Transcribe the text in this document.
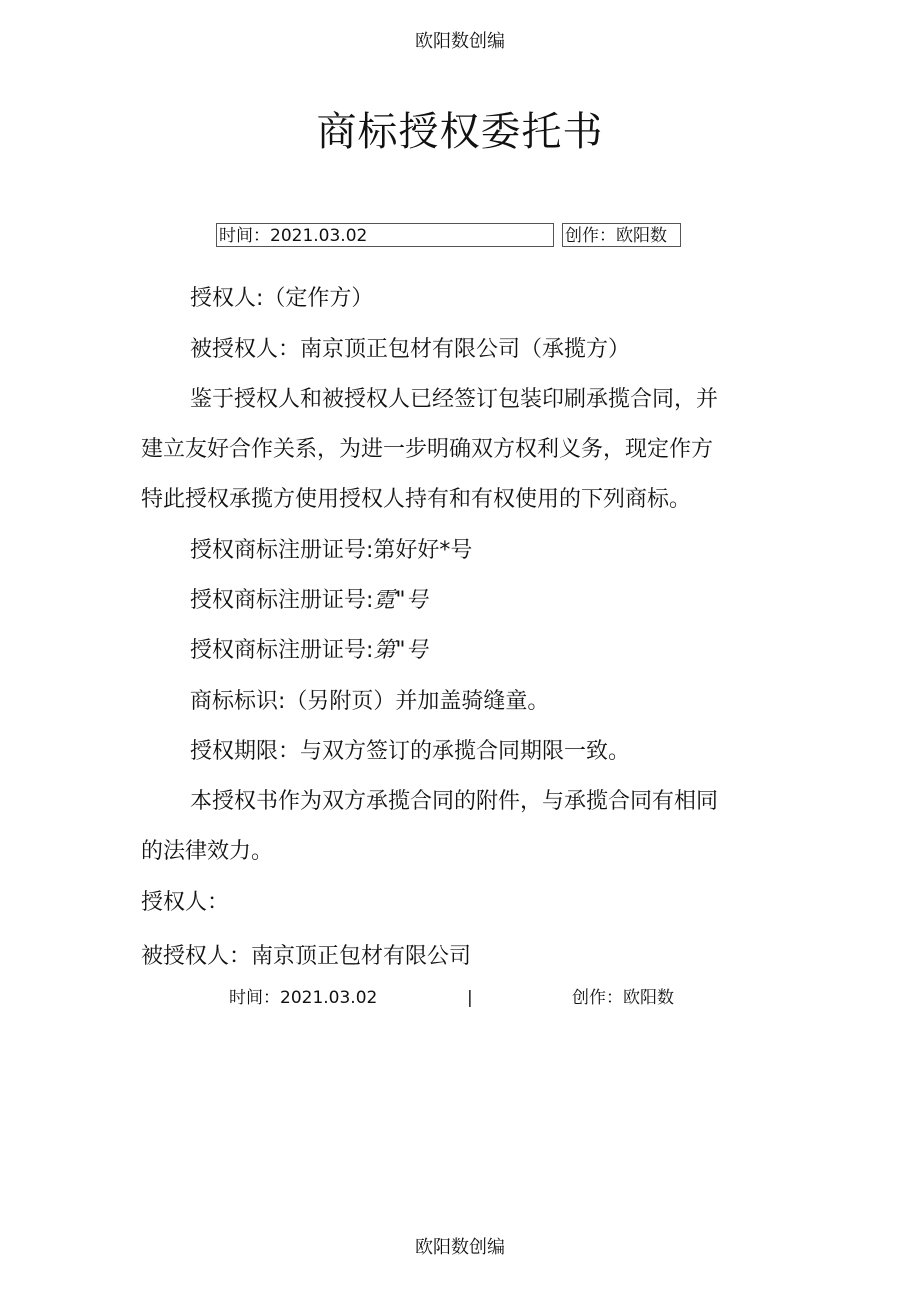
欧阳数创编
商标授权委托书
时间：2021.03.02	创作：欧阳数
授权人:（定作方）
被授权人：南京顶正包材有限公司（承揽方）
鉴于授权人和被授权人已经签订包装印刷承揽合同，并
建立友好合作关系，为进一步明确双方权利义务，现定作方
特此授权承揽方使用授权人持有和有权使用的下列商标。
授权商标注册证号:第好好*号
授权商标注册证号:霓"号
授权商标注册证号:第"号
商标标识:（另附页）并加盖骑缝童。
授权期限：与双方签订的承揽合同期限一致。
本授权书作为双方承揽合同的附件，与承揽合同有相同
的法律效力。
授权人：
被授权人：南京顶正包材有限公司
时间：2021.03.02	|	创作：欧阳数
欧阳数创编
